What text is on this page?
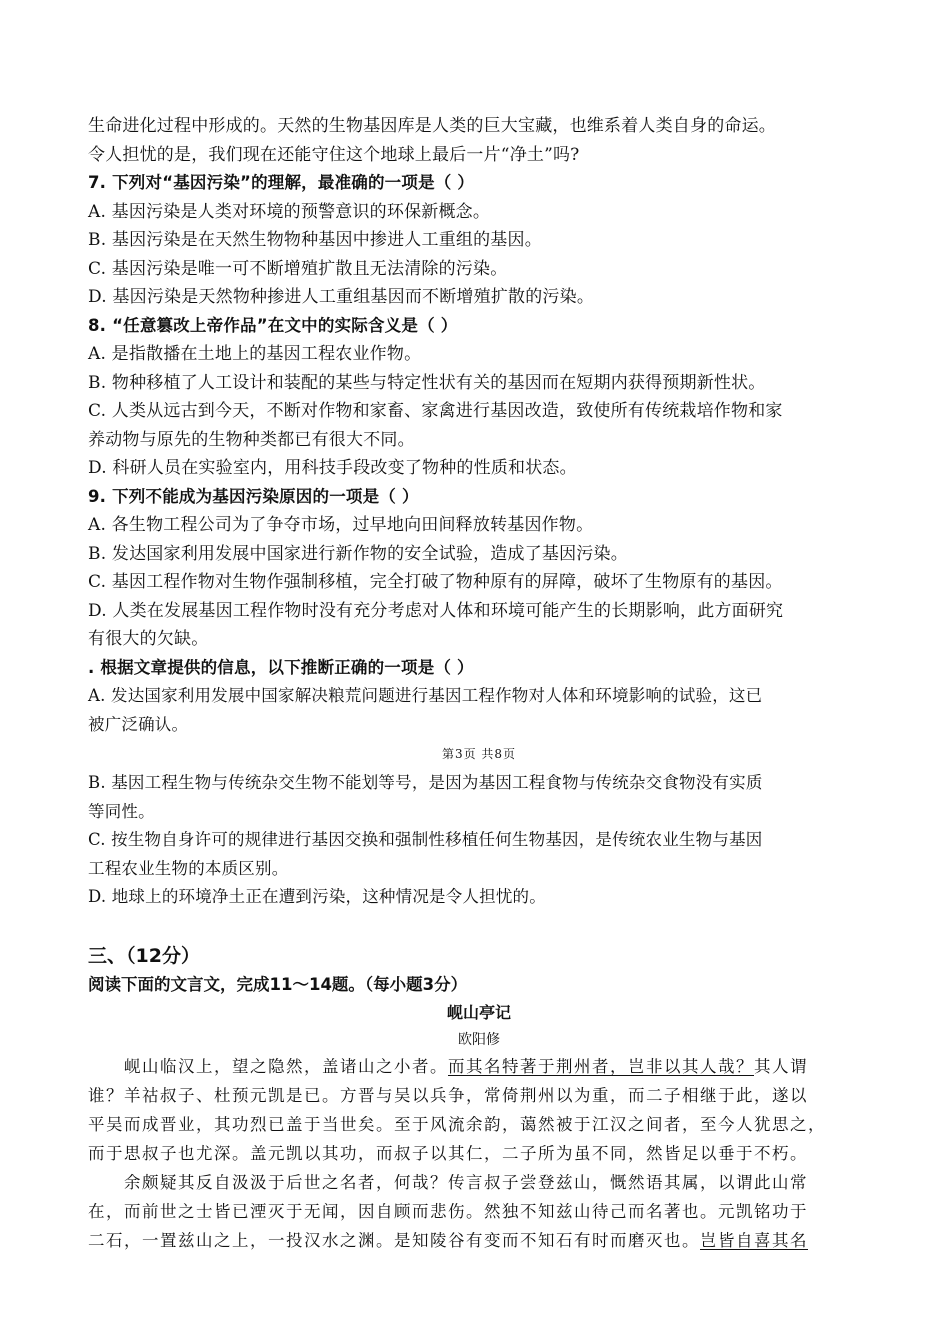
生命进化过程中形成的。天然的生物基因库是人类的巨大宝藏，也维系着人类自身的命运。
令人担忧的是，我们现在还能守住这个地球上最后一片“净土”吗?
7. 下列对“基因污染”的理解，最准确的一项是（ ）
A. 基因污染是人类对环境的预警意识的环保新概念。
B. 基因污染是在天然生物物种基因中掺进人工重组的基因。
C. 基因污染是唯一可不断增殖扩散且无法清除的污染。
D. 基因污染是天然物种掺进人工重组基因而不断增殖扩散的污染。
8. “任意篡改上帝作品”在文中的实际含义是（ ）
A. 是指散播在土地上的基因工程农业作物。
B. 物种移植了人工设计和装配的某些与特定性状有关的基因而在短期内获得预期新性状。
C. 人类从远古到今天，不断对作物和家畜、家禽进行基因改造，致使所有传统栽培作物和家
养动物与原先的生物种类都已有很大不同。
D. 科研人员在实验室内，用科技手段改变了物种的性质和状态。
9. 下列不能成为基因污染原因的一项是（ ）
A. 各生物工程公司为了争夺市场，过早地向田间释放转基因作物。
B. 发达国家利用发展中国家进行新作物的安全试验，造成了基因污染。
C. 基因工程作物对生物作强制移植，完全打破了物种原有的屏障，破坏了生物原有的基因。
D. 人类在发展基因工程作物时没有充分考虑对人体和环境可能产生的长期影响，此方面研究
有很大的欠缺。
. 根据文章提供的信息，以下推断正确的一项是（ ）
A. 发达国家利用发展中国家解决粮荒问题进行基因工程作物对人体和环境影响的试验，这已
被广泛确认。
第3页 共8页
B. 基因工程生物与传统杂交生物不能划等号，是因为基因工程食物与传统杂交食物没有实质
等同性。
C. 按生物自身许可的规律进行基因交换和强制性移植任何生物基因，是传统农业生物与基因
工程农业生物的本质区别。
D. 地球上的环境净土正在遭到污染，这种情况是令人担忧的。
三、（12分）
阅读下面的文言文，完成11～14题。（每小题3分）
岘山亭记
欧阳修
岘山临汉上，望之隐然，盖诸山之小者。而其名特著于荆州者，岂非以其人哉？其人谓
谁？羊祜叔子、杜预元凯是已。方晋与吴以兵争，常倚荆州以为重，而二子相继于此，遂以
平吴而成晋业，其功烈已盖于当世矣。至于风流余韵，蔼然被于江汉之间者，至今人犹思之，
而于思叔子也尤深。盖元凯以其功，而叔子以其仁，二子所为虽不同，然皆足以垂于不朽。
余颇疑其反自汲汲于后世之名者，何哉？传言叔子尝登兹山，慨然语其属，以谓此山常
在，而前世之士皆已湮灭于无闻，因自顾而悲伤。然独不知兹山待己而名著也。元凯铭功于
二石，一置兹山之上，一投汉水之渊。是知陵谷有变而不知石有时而磨灭也。岂皆自喜其名
